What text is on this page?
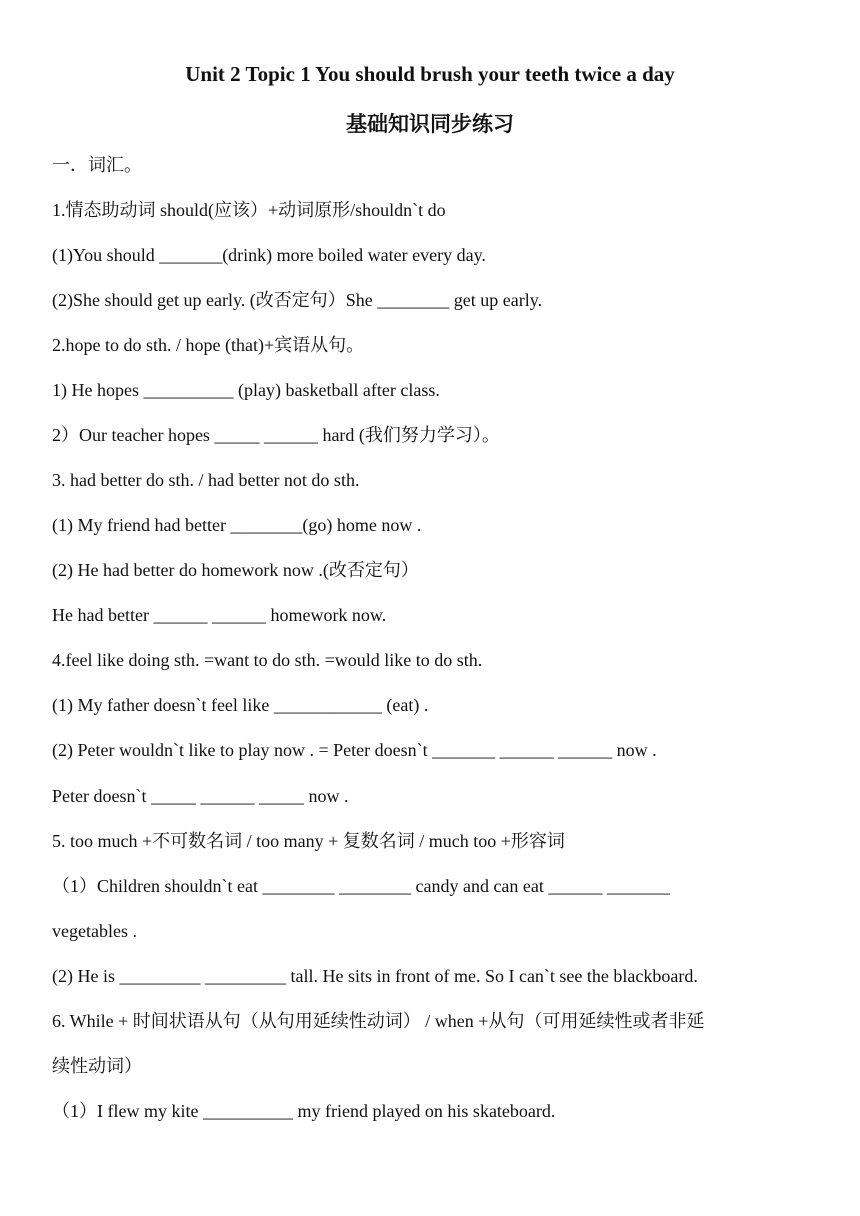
Unit 2 Topic 1 You should brush your teeth twice a day
基础知识同步练习
一．词汇。
1.情态助动词 should(应该）+动词原形/shouldn`t do
(1)You should _______(drink) more boiled water every day.
(2)She should get up early. (改否定句）She ________ get up early.
2.hope to do sth. / hope (that)+宾语从句。
1) He hopes __________ (play) basketball after class.
2）Our teacher hopes _____ ______ hard (我们努力学习）。
3. had better do sth. / had better not do sth.
(1) My friend had better ________(go) home now .
(2) He had better do homework now .(改否定句）
He had better ______ ______ homework now.
4.feel like doing sth. =want to do sth. =would like to do sth.
(1) My father doesn`t feel like ____________ (eat) .
(2) Peter wouldn`t like to play now . = Peter doesn`t _______ ______ ______ now .
Peter doesn`t _____ ______ _____ now .
5. too much +不可数名词 / too many + 复数名词 / much too +形容词
（1）Children shouldn`t eat ________ ________ candy and can eat ______ _______
vegetables .
(2) He is _________ _________ tall. He sits in front of me. So I can`t see the blackboard.
6. While + 时间状语从句（从句用延续性动词） / when +从句（可用延续性或者非延
续性动词）
（1）I flew my kite __________ my friend played on his skateboard.
